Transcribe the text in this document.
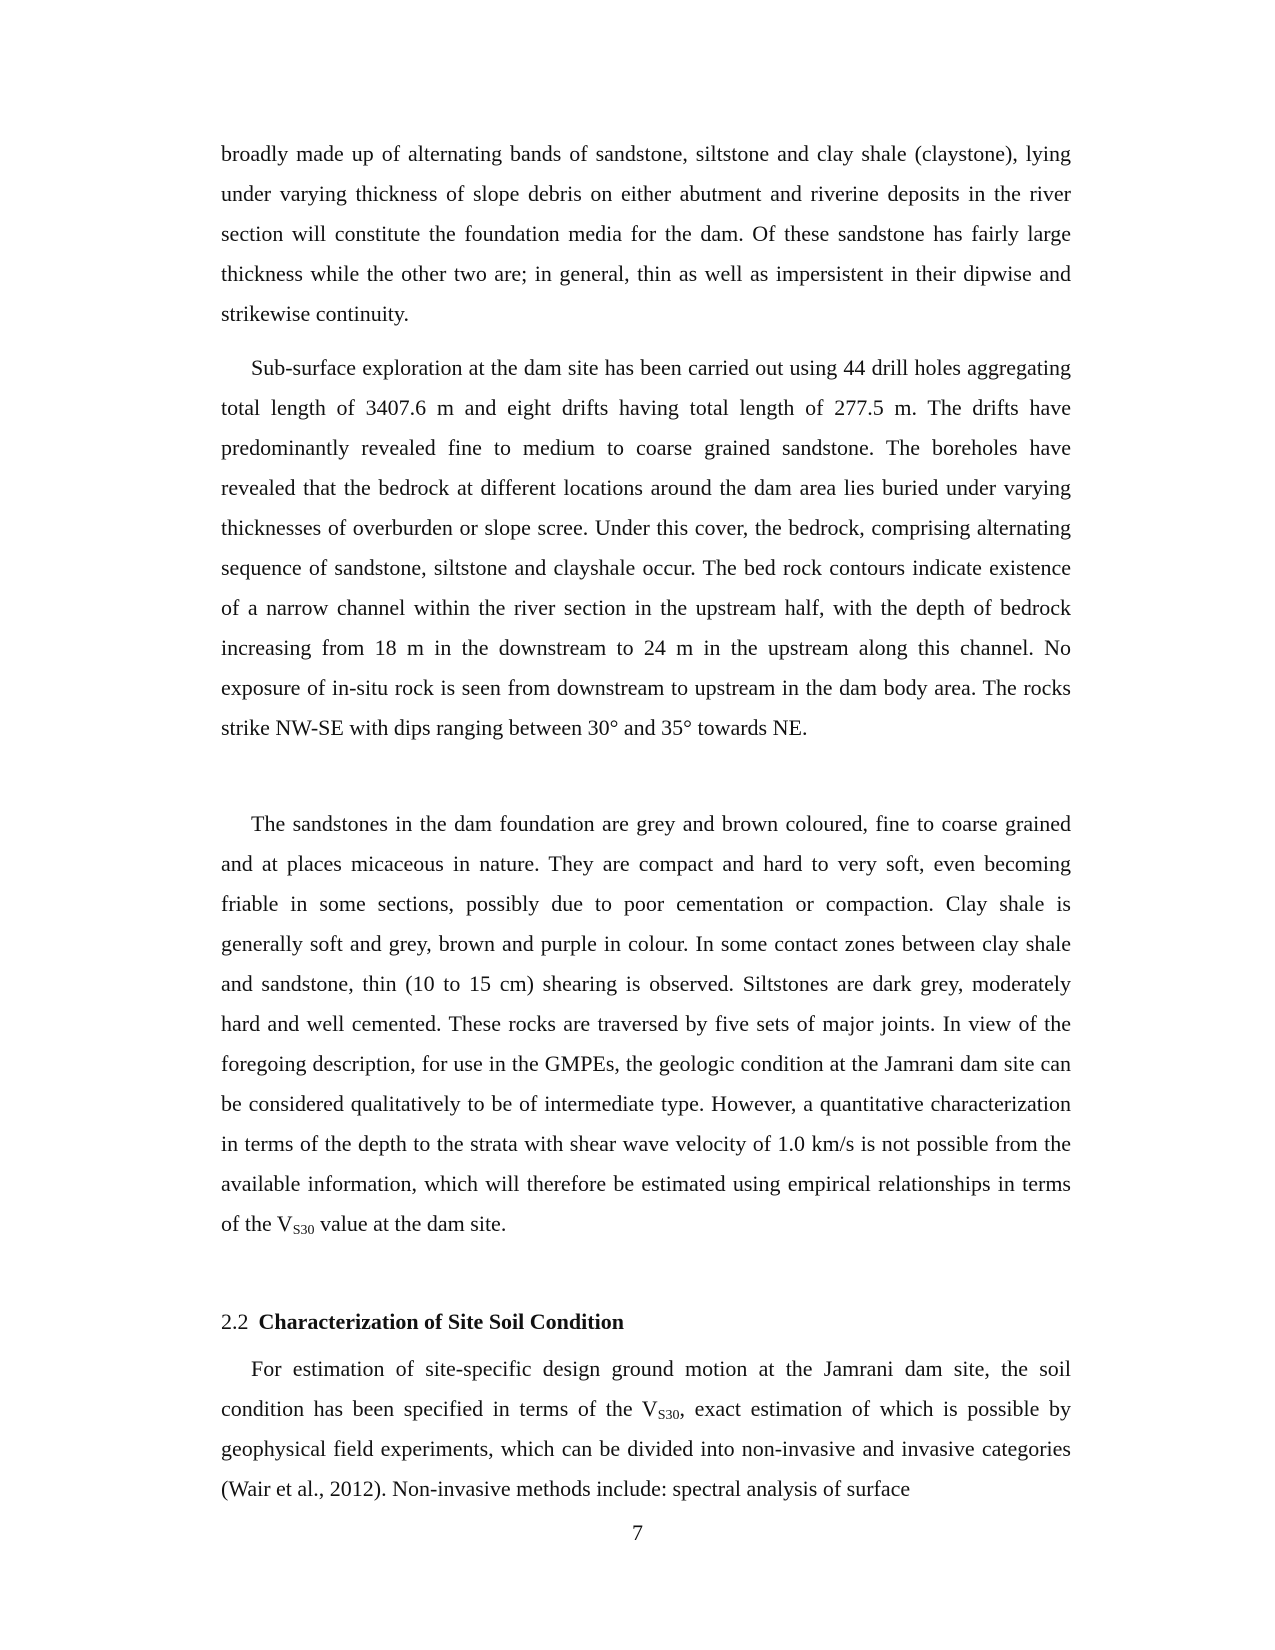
broadly made up of alternating bands of sandstone, siltstone and clay shale (claystone), lying under varying thickness of slope debris on either abutment and riverine deposits in the river section will constitute the foundation media for the dam. Of these sandstone has fairly large thickness while the other two are; in general, thin as well as impersistent in their dipwise and strikewise continuity.

Sub-surface exploration at the dam site has been carried out using 44 drill holes aggregating total length of 3407.6 m and eight drifts having total length of 277.5 m. The drifts have predominantly revealed fine to medium to coarse grained sandstone. The boreholes have revealed that the bedrock at different locations around the dam area lies buried under varying thicknesses of overburden or slope scree. Under this cover, the bedrock, comprising alternating sequence of sandstone, siltstone and clayshale occur. The bed rock contours indicate existence of a narrow channel within the river section in the upstream half, with the depth of bedrock increasing from 18 m in the downstream to 24 m in the upstream along this channel. No exposure of in-situ rock is seen from downstream to upstream in the dam body area. The rocks strike NW-SE with dips ranging between 30° and 35° towards NE.

The sandstones in the dam foundation are grey and brown coloured, fine to coarse grained and at places micaceous in nature. They are compact and hard to very soft, even becoming friable in some sections, possibly due to poor cementation or compaction. Clay shale is generally soft and grey, brown and purple in colour. In some contact zones between clay shale and sandstone, thin (10 to 15 cm) shearing is observed. Siltstones are dark grey, moderately hard and well cemented. These rocks are traversed by five sets of major joints. In view of the foregoing description, for use in the GMPEs, the geologic condition at the Jamrani dam site can be considered qualitatively to be of intermediate type. However, a quantitative characterization in terms of the depth to the strata with shear wave velocity of 1.0 km/s is not possible from the available information, which will therefore be estimated using empirical relationships in terms of the $V_{S30}$ value at the dam site.

2.2 Characterization of Site Soil Condition

For estimation of site-specific design ground motion at the Jamrani dam site, the soil condition has been specified in terms of the $V_{S30}$, exact estimation of which is possible by geophysical field experiments, which can be divided into non-invasive and invasive categories (Wair et al., 2012). Non-invasive methods include: spectral analysis of surface

7
